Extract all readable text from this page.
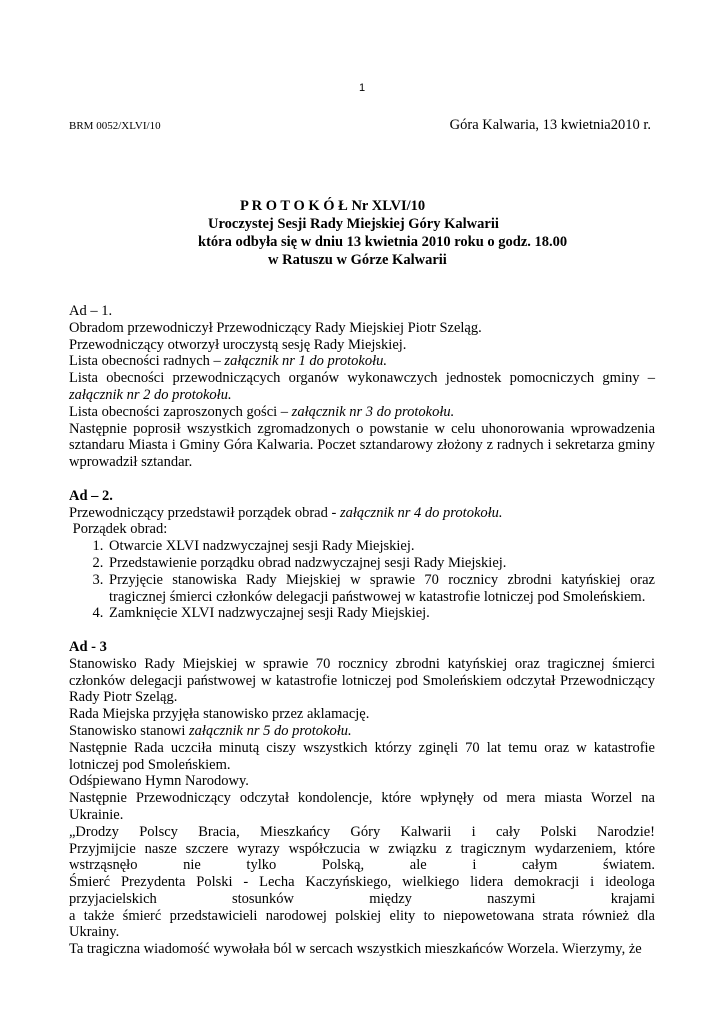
1
BRM 0052/XLVI/10	Góra Kalwaria, 13 kwietnia2010 r.
P R O T O K Ó Ł Nr XLVI/10
Uroczystej Sesji Rady Miejskiej Góry Kalwarii
która odbyła się w dniu 13 kwietnia 2010 roku o godz. 18.00
w Ratuszu w Górze Kalwarii

Ad – 1.

Obradom przewodniczył Przewodniczący Rady Miejskiej Piotr Szeląg.

Przewodniczący otworzył uroczystą sesję Rady Miejskiej.

Lista obecności radnych – załącznik nr 1 do protokołu.

Lista obecności przewodniczących organów wykonawczych jednostek pomocniczych gminy – załącznik nr 2 do protokołu.

Lista obecności zaproszonych gości – załącznik nr 3 do protokołu.

Następnie poprosił wszystkich zgromadzonych o powstanie w celu uhonorowania wprowadzenia sztandaru Miasta i Gminy Góra Kalwaria. Poczet sztandarowy złożony z radnych i sekretarza gminy wprowadził sztandar.

Ad – 2.

Przewodniczący przedstawił porządek obrad - załącznik nr 4 do protokołu.

Porządek obrad:

1. Otwarcie XLVI nadzwyczajnej sesji Rady Miejskiej.
2. Przedstawienie porządku obrad nadzwyczajnej sesji Rady Miejskiej.
3. Przyjęcie stanowiska Rady Miejskiej w sprawie 70 rocznicy zbrodni katyńskiej oraz tragicznej śmierci członków delegacji państwowej w katastrofie lotniczej pod Smoleńskiem.
4. Zamknięcie XLVI nadzwyczajnej sesji Rady Miejskiej.

Ad - 3

Stanowisko Rady Miejskiej w sprawie 70 rocznicy zbrodni katyńskiej oraz tragicznej śmierci członków delegacji państwowej w katastrofie lotniczej pod Smoleńskiem odczytał Przewodniczący Rady Piotr Szeląg.

Rada Miejska przyjęła stanowisko przez aklamację.

Stanowisko stanowi załącznik nr 5 do protokołu.

Następnie Rada uczciła minutą ciszy wszystkich którzy zginęli 70 lat temu oraz w katastrofie lotniczej pod Smoleńskiem.

Odśpiewano Hymn Narodowy.

Następnie Przewodniczący odczytał kondolencje, które wpłynęły od mera miasta Worzel na Ukrainie.

„Drodzy Polscy Bracia, Mieszkańcy Góry Kalwarii i cały Polski Narodzie!

Przyjmijcie nasze szczere wyrazy współczucia w związku z tragicznym wydarzeniem, które

wstrząsnęło nie tylko Polską, ale i całym światem.

Śmierć Prezydenta Polski - Lecha Kaczyńskiego, wielkiego lidera demokracji i ideologa

przyjacielskich stosunków między naszymi krajami

a także śmierć przedstawicieli narodowej polskiej elity to niepowetowana strata również dla

Ukrainy.

Ta tragiczna wiadomość wywołała ból w sercach wszystkich mieszkańców Worzela. Wierzymy, że
